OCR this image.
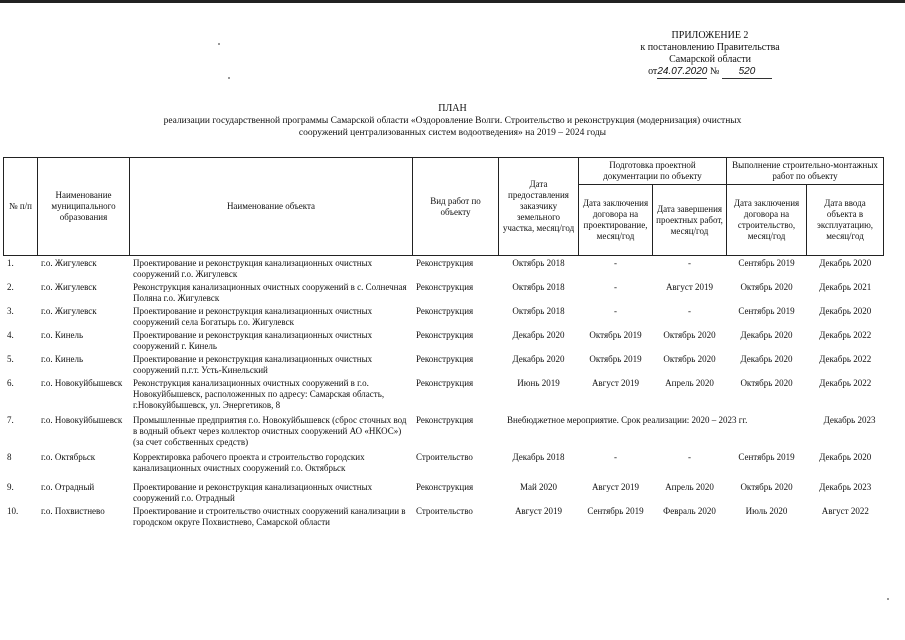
ПРИЛОЖЕНИЕ 2
к постановлению Правительства
Самарской области
от24.07.2020 № 520
ПЛАН
реализации государственной программы Самарской области «Оздоровление Волги. Строительство и реконструкция (модернизация) очистных
сооружений централизованных систем водоотведения» на 2019 – 2024 годы
№ п/п	Наименование муниципального образования	Наименование объекта	Вид работ по объекту	Дата предоставления заказчику земельного участка, месяц/год	Подготовка проектной документации по объекту		Выполнение строительно-монтажных работ по объекту	
					Дата заключения договора на проектирование, месяц/год	Дата завершения проектных работ, месяц/год	Дата заключения договора на строительство, месяц/год	Дата ввода объекта в эксплуатацию, месяц/год
1.	г.о. Жигулевск	Проектирование и реконструкция канализационных очистных сооружений г.о. Жигулевск	Реконструкция	Октябрь 2018	-	-	Сентябрь 2019	Декабрь 2020
2.	г.о. Жигулевск	Реконструкция канализационных очистных сооружений в с. Солнечная Поляна г.о. Жигулевск	Реконструкция	Октябрь 2018	-	Август 2019	Октябрь 2020	Декабрь 2021
3.	г.о. Жигулевск	Проектирование и реконструкция канализационных очистных сооружений села Богатырь г.о. Жигулевск	Реконструкция	Октябрь 2018	-	-	Сентябрь 2019	Декабрь 2020
4.	г.о. Кинель	Проектирование и реконструкция канализационных очистных сооружений г. Кинель	Реконструкция	Декабрь 2020	Октябрь 2019	Октябрь 2020	Декабрь 2020	Декабрь 2022
5.	г.о. Кинель	Проектирование и реконструкция канализационных очистных сооружений п.г.т. Усть-Кинельский	Реконструкция	Декабрь 2020	Октябрь 2019	Октябрь 2020	Декабрь 2020	Декабрь 2022
6.	г.о. Новокуйбышевск	Реконструкция канализационных очистных сооружений в г.о. Новокуйбышевск, расположенных по адресу: Самарская область, г.Новокуйбышевск, ул. Энергетиков, 8	Реконструкция	Июнь 2019	Август 2019	Апрель 2020	Октябрь 2020	Декабрь 2022
7.	г.о. Новокуйбышевск	Промышленные предприятия г.о. Новокуйбышевск (сброс сточных вод в водный объект через коллектор очистных сооружений АО «НКОС») (за счет собственных средств)	Реконструкция	Внебюджетное мероприятие. Срок реализации: 2020 – 2023 гг.				Декабрь 2023
8	г.о. Октябрьск	Корректировка рабочего проекта и строительство городских канализационных очистных сооружений г.о. Октябрьск	Строительство	Декабрь 2018	-	-	Сентябрь 2019	Декабрь 2020
9.	г.о. Отрадный	Проектирование и реконструкция канализационных очистных сооружений г.о. Отрадный	Реконструкция	Май 2020	Август 2019	Апрель 2020	Октябрь 2020	Декабрь 2023
10.	г.о. Похвистнево	Проектирование и строительство очистных сооружений канализации в городском округе Похвистнево, Самарской области	Строительство	Август 2019	Сентябрь 2019	Февраль 2020	Июль 2020	Август 2022
